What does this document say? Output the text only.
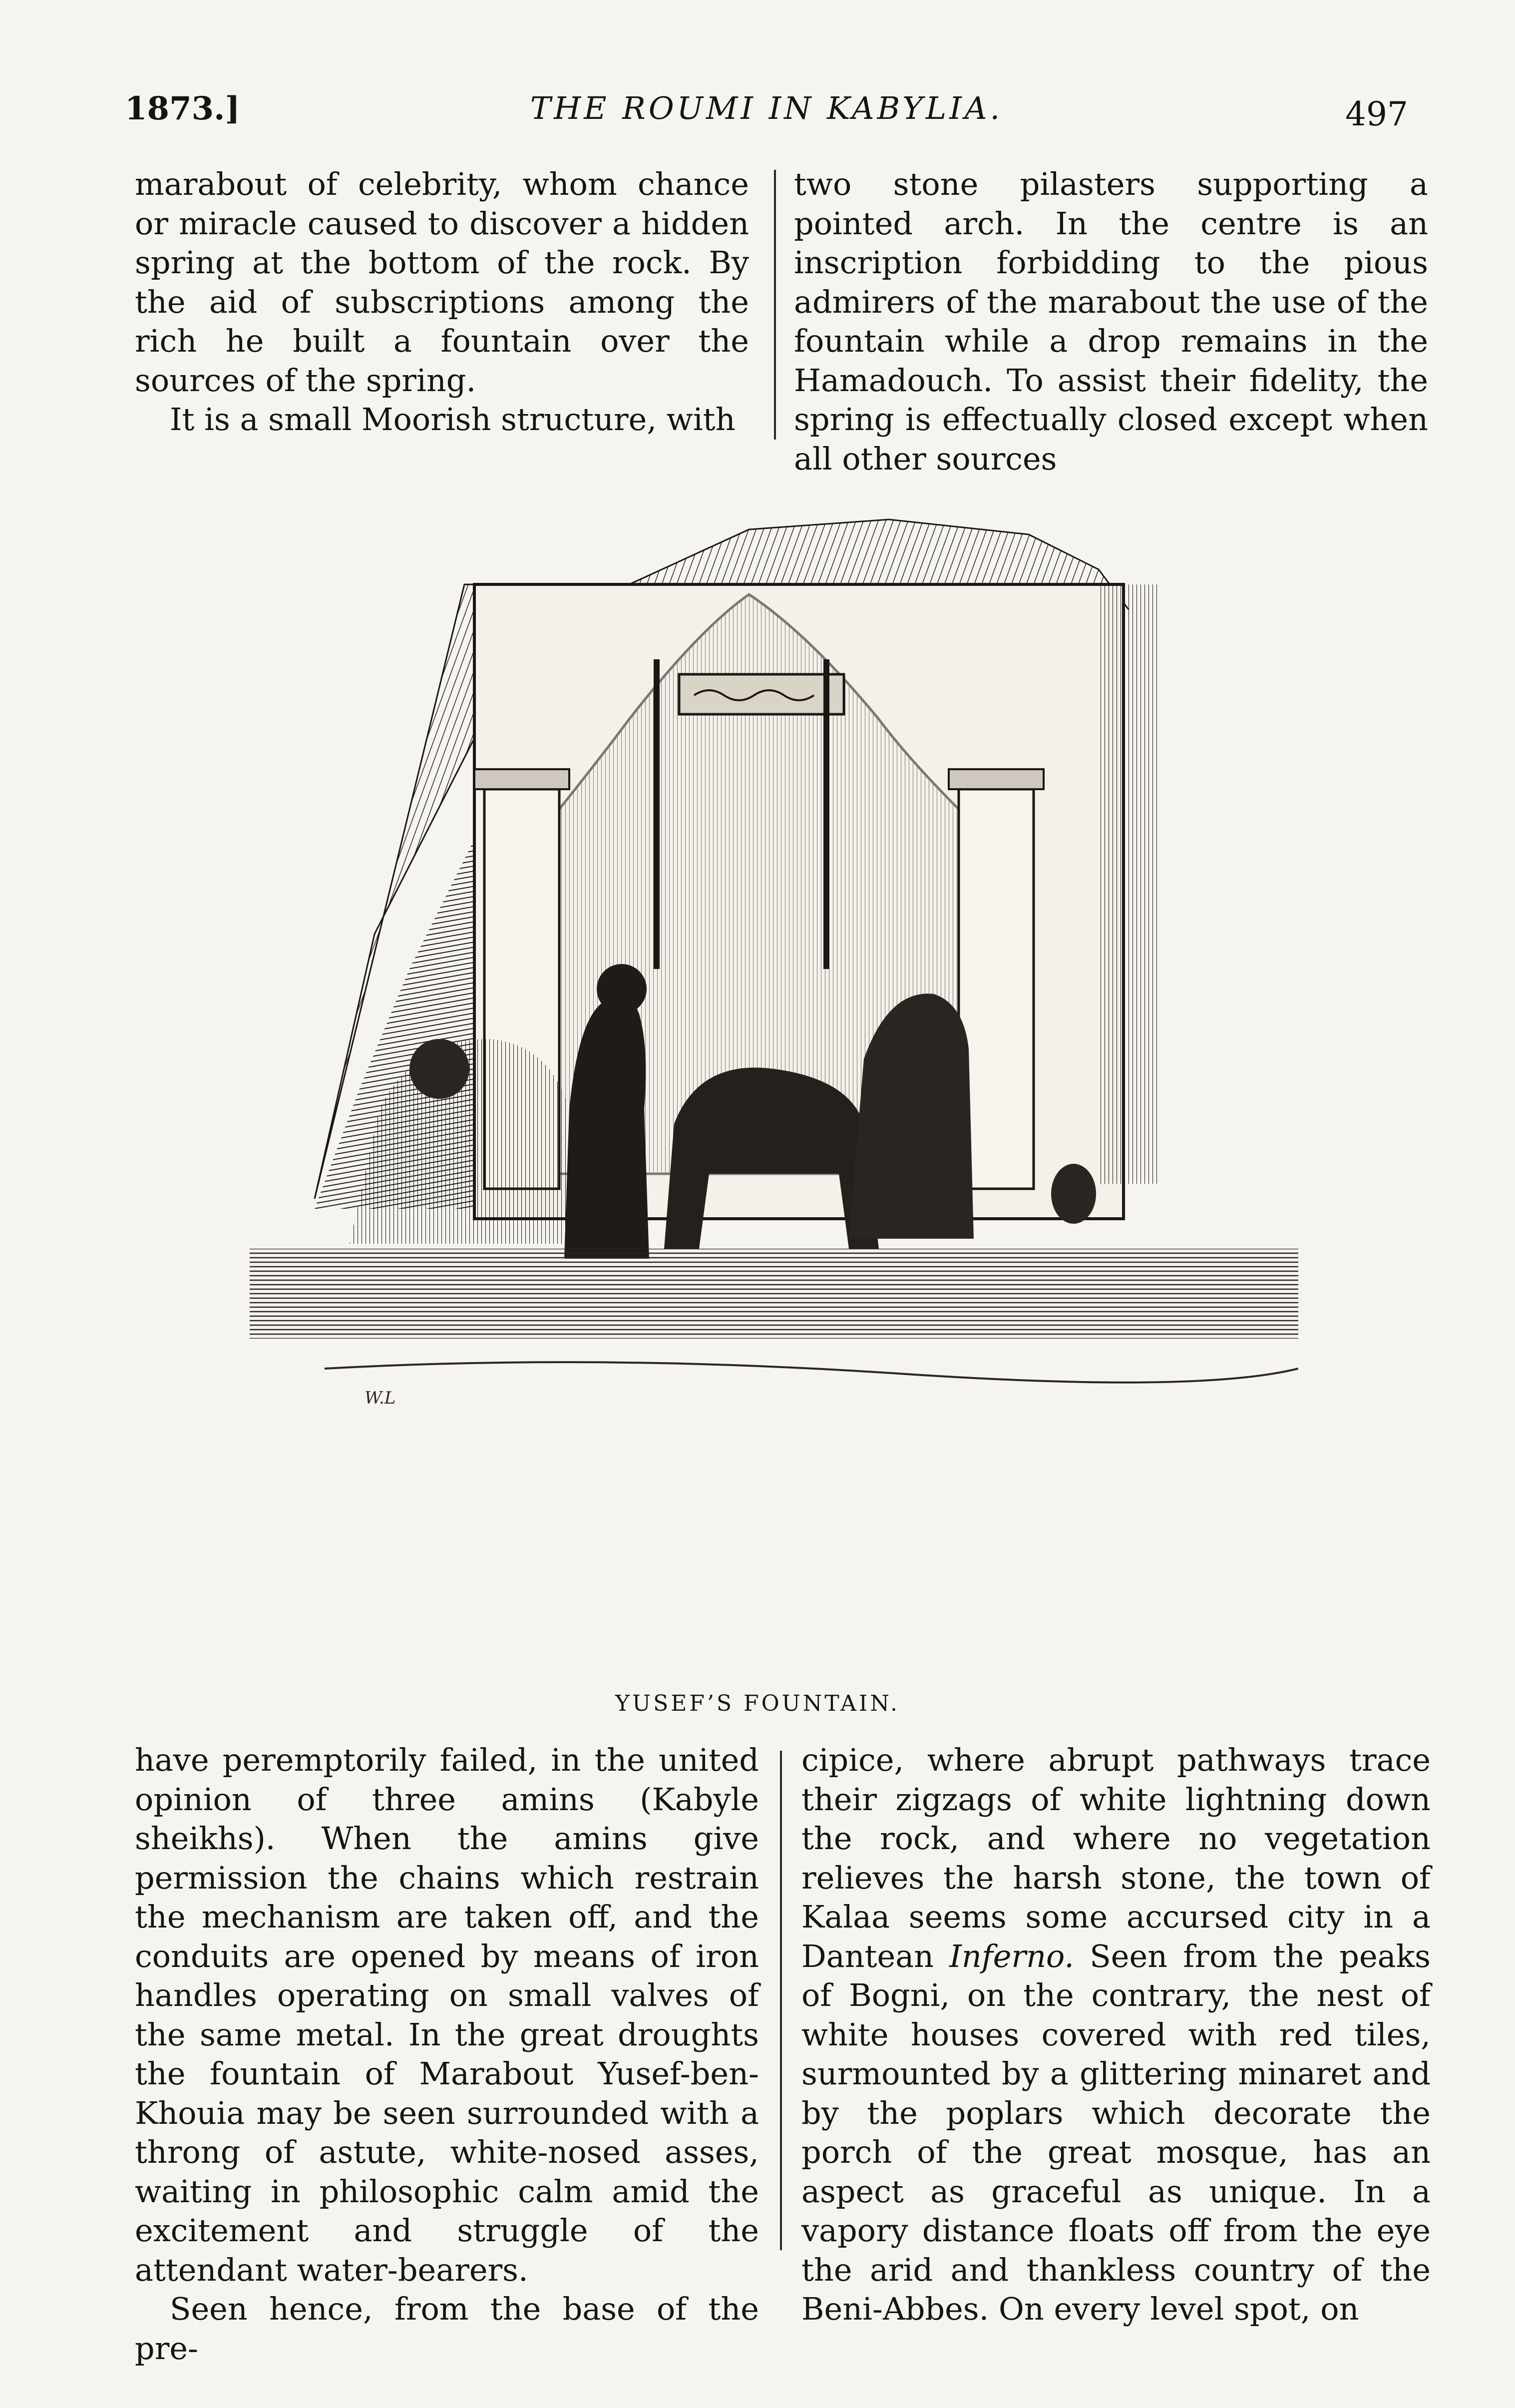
1873.]	THE ROUMI IN KABYLIA.	497

marabout of celebrity, whom chance or miracle caused to discover a hidden spring at the bottom of the rock. By the aid of subscriptions among the rich he built a fountain over the sources of the spring.

It is a small Moorish structure, with

two stone pilasters supporting a pointed arch. In the centre is an inscription forbidding to the pious admirers of the marabout the use of the fountain while a drop remains in the Hamadouch. To assist their fidelity, the spring is effectually closed except when all other sources

W.L
YUSEF’S FOUNTAIN.

have peremptorily failed, in the united opinion of three amins (Kabyle sheikhs). When the amins give permission the chains which restrain the mechanism are taken off, and the conduits are opened by means of iron handles operating on small valves of the same metal. In the great droughts the fountain of Marabout Yusef-ben-Khouia may be seen surrounded with a throng of astute, white-nosed asses, waiting in philosophic calm amid the excitement and struggle of the attendant water-bearers.

Seen hence, from the base of the pre-

cipice, where abrupt pathways trace their zigzags of white lightning down the rock, and where no vegetation relieves the harsh stone, the town of Kalaa seems some accursed city in a Dantean Inferno. Seen from the peaks of Bogni, on the contrary, the nest of white houses covered with red tiles, surmounted by a glittering minaret and by the poplars which decorate the porch of the great mosque, has an aspect as graceful as unique. In a vapory distance floats off from the eye the arid and thankless country of the Beni-Abbes. On every level spot, on
